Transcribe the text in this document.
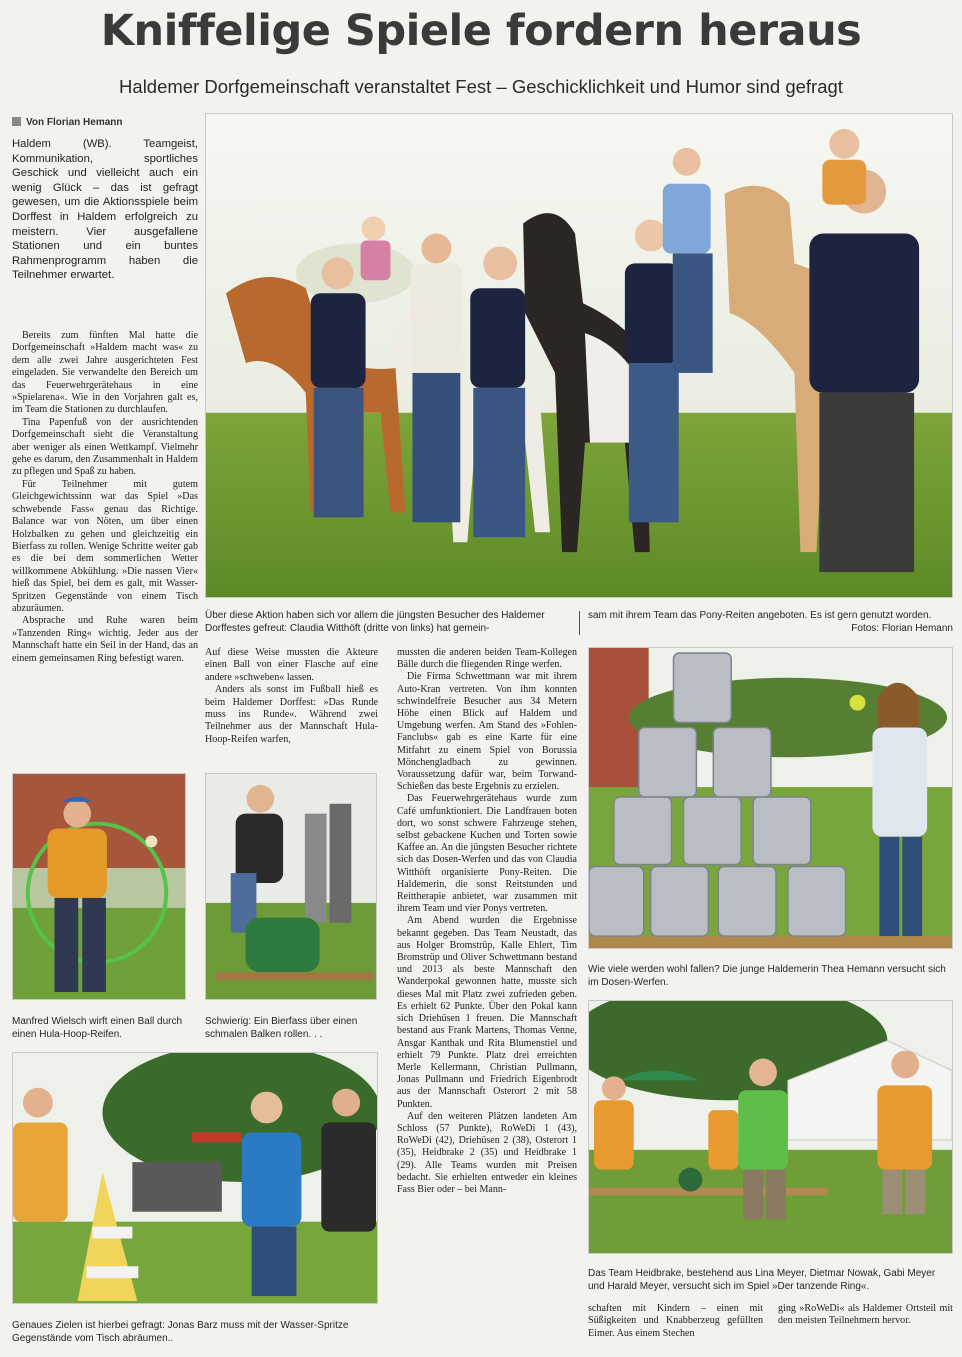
Kniffelige Spiele fordern heraus
Haldemer Dorfgemeinschaft veranstaltet Fest – Geschicklichkeit und Humor sind gefragt
Von Florian Hemann
Haldem (WB). Teamgeist, Kommunikation, sportliches Geschick und vielleicht auch ein wenig Glück – das ist gefragt gewesen, um die Aktionsspiele beim Dorffest in Haldem erfolgreich zu meistern. Vier ausgefallene Stationen und ein buntes Rahmenprogramm haben die Teilnehmer erwartet.

Bereits zum fünften Mal hatte die Dorfgemeinschaft »Haldem macht was« zu dem alle zwei Jahre ausgerichteten Fest eingeladen. Sie verwandelte den Bereich um das Feuerwehrgerätehaus in eine »Spielarena«. Wie in den Vorjahren galt es, im Team die Stationen zu durchlaufen.

Tina Papenfuß von der ausrichtenden Dorfgemeinschaft sieht die Veranstaltung aber weniger als einen Wettkampf. Vielmehr gehe es darum, den Zusammenhalt in Haldem zu pflegen und Spaß zu haben.

Für Teilnehmer mit gutem Gleichgewichtssinn war das Spiel »Das schwebende Fass« genau das Richtige. Balance war von Nöten, um über einen Holzbalken zu gehen und gleichzeitig ein Bierfass zu rollen. Wenige Schritte weiter gab es die bei dem sommerlichen Wetter willkommene Abkühlung. »Die nassen Vier« hieß das Spiel, bei dem es galt, mit Wasser-Spritzen Gegenstände von einem Tisch abzuräumen.

Absprache und Ruhe waren beim »Tanzenden Ring« wichtig. Jeder aus der Mannschaft hatte ein Seil in der Hand, das an einem gemeinsamen Ring befestigt waren.

Über diese Aktion haben sich vor allem die jüngsten Besucher des Haldemer Dorffestes gefreut: Claudia Witthöft (dritte von links) hat gemein-
sam mit ihrem Team das Pony-Reiten angeboten. Es ist gern genutzt worden.
Fotos: Florian Hemann

Auf diese Weise mussten die Akteure einen Ball von einer Flasche auf eine andere »schweben« lassen.

Anders als sonst im Fußball hieß es beim Haldemer Dorffest: »Das Runde muss ins Runde«. Während zwei Teilnehmer aus der Mannschaft Hula-Hoop-Reifen warfen,

mussten die anderen beiden Team-Kollegen Bälle durch die fliegenden Ringe werfen.

Die Firma Schwettmann war mit ihrem Auto-Kran vertreten. Von ihm konnten schwindelfreie Besucher aus 34 Metern Höhe einen Blick auf Haldem und Umgebung werfen. Am Stand des »Fohlen-Fanclubs« gab es eine Karte für eine Mitfahrt zu einem Spiel von Borussia Mönchengladbach zu gewinnen. Voraussetzung dafür war, beim Torwand-Schießen das beste Ergebnis zu erzielen.

Das Feuerwehrgerätehaus wurde zum Café umfunktioniert. Die Landfrauen boten dort, wo sonst schwere Fahrzeuge stehen, selbst gebackene Kuchen und Torten sowie Kaffee an. An die jüngsten Besucher richtete sich das Dosen-Werfen und das von Claudia Witthöft organisierte Pony-Reiten. Die Haldemerin, die sonst Reitstunden und Reittherapie anbietet, war zusammen mit ihrem Team und vier Ponys vertreten.

Am Abend wurden die Ergebnisse bekannt gegeben. Das Team Neustadt, das aus Holger Bromstrüp, Kalle Ehlert, Tim Bromstrüp und Oliver Schwettmann bestand und 2013 als beste Mannschaft den Wanderpokal gewonnen hatte, musste sich dieses Mal mit Platz zwei zufrieden geben. Es erhielt 62 Punkte. Über den Pokal kann sich Driehüsen 1 freuen. Die Mannschaft bestand aus Frank Martens, Thomas Venne, Ansgar Kanthak und Rita Blumenstiel und erhielt 79 Punkte. Platz drei erreichten Merle Kellermann, Christian Pullmann, Jonas Pullmann und Friedrich Eigenbrodt aus der Mannschaft Osterort 2 mit 58 Punkten.

Auf den weiteren Plätzen landeten Am Schloss (57 Punkte), RoWeDi 1 (43), RoWeDi (42), Driehüsen 2 (38), Osterort 1 (35), Heidbrake 2 (35) und Heidbrake 1 (29). Alle Teams wurden mit Preisen bedacht. Sie erhielten entweder ein kleines Fass Bier oder – bei Mann-

Manfred Wielsch wirft einen Ball durch einen Hula-Hoop-Reifen.
Schwierig: Ein Bierfass über einen schmalen Balken rollen. . .
Genaues Zielen ist hierbei gefragt: Jonas Barz muss mit der Wasser-Spritze Gegenstände vom Tisch abräumen..
Wie viele werden wohl fallen? Die junge Haldemerin Thea Hemann versucht sich im Dosen-Werfen.
Das Team Heidbrake, bestehend aus Lina Meyer, Dietmar Nowak, Gabi Meyer und Harald Meyer, versucht sich im Spiel »Der tanzende Ring«.
schaften mit Kindern – einen mit Süßigkeiten und Knabberzeug gefüllten Eimer. Aus einem Stechen
ging »RoWeDi« als Haldemer Ortsteil mit den meisten Teilnehmern hervor.
